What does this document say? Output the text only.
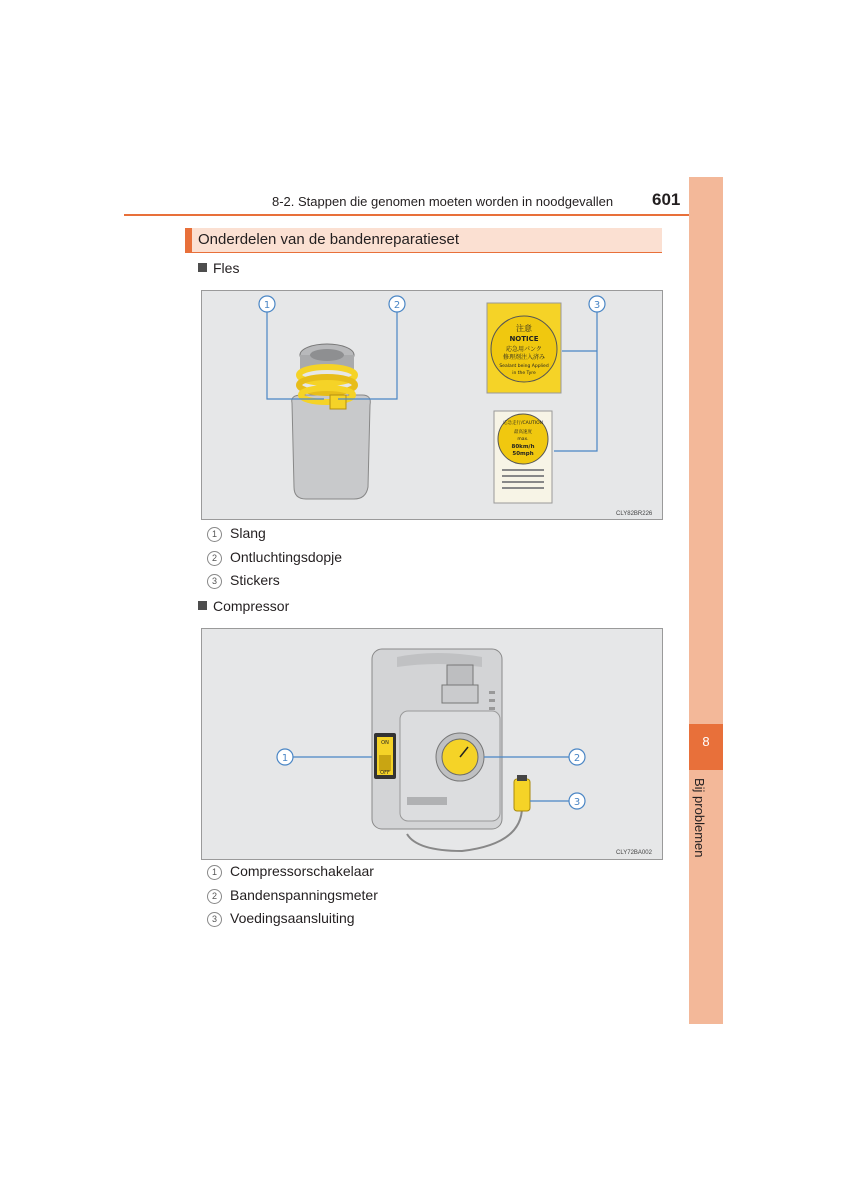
8-2. Stappen die genomen moeten worden in noodgevallen 601
8
Bij problemen
Onderdelen van de bandenreparatieset
Fles
注意
NOTICE
応急用パンク
修理剤注入済み
Sealant being Applied
in the Tyre
応急走行/CAUTION
最高速度
max.
80km/h
50mph
1	2	3
CLY82BR226
1 Slang
2 Ontluchtingsdopje
3 Stickers
Compressor
ON
OFF
1	2
3
CLY72BA002
1 Compressorschakelaar
2 Bandenspanningsmeter
3 Voedingsaansluiting
